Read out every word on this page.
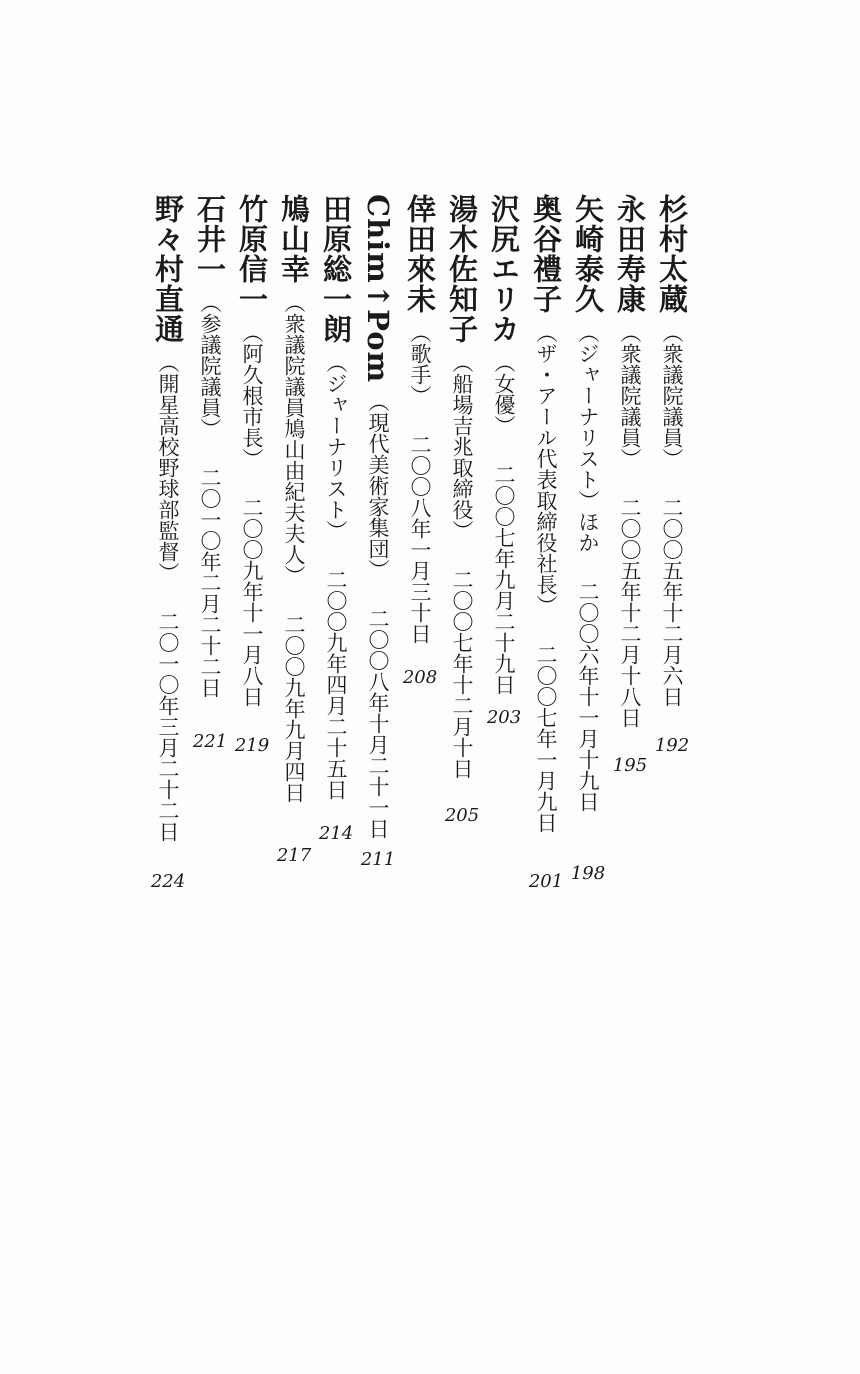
杉村太蔵（衆議院議員）二〇〇五年十二月六日
192
永田寿康（衆議院議員）二〇〇五年十二月十八日
195
矢崎泰久（ジャーナリスト）ほか二〇〇六年十一月十九日
198
奥谷禮子（ザ・アール代表取締役社長）二〇〇七年一月九日
201
沢尻エリカ（女優）二〇〇七年九月二十九日
203
湯木佐知子（船場吉兆取締役）二〇〇七年十二月十日
205
倖田來未（歌手）二〇〇八年一月三十日
208
Chim↑Pom（現代美術家集団）二〇〇八年十月二十一日
211
田原総一朗（ジャーナリスト）二〇〇九年四月二十五日
214
鳩山幸（衆議院議員鳩山由紀夫夫人）二〇〇九年九月四日
217
竹原信一（阿久根市長）二〇〇九年十一月八日
219
石井一（参議院議員）二〇一〇年二月二十二日
221
野々村直通（開星高校野球部監督）二〇一〇年三月二十二日
224
